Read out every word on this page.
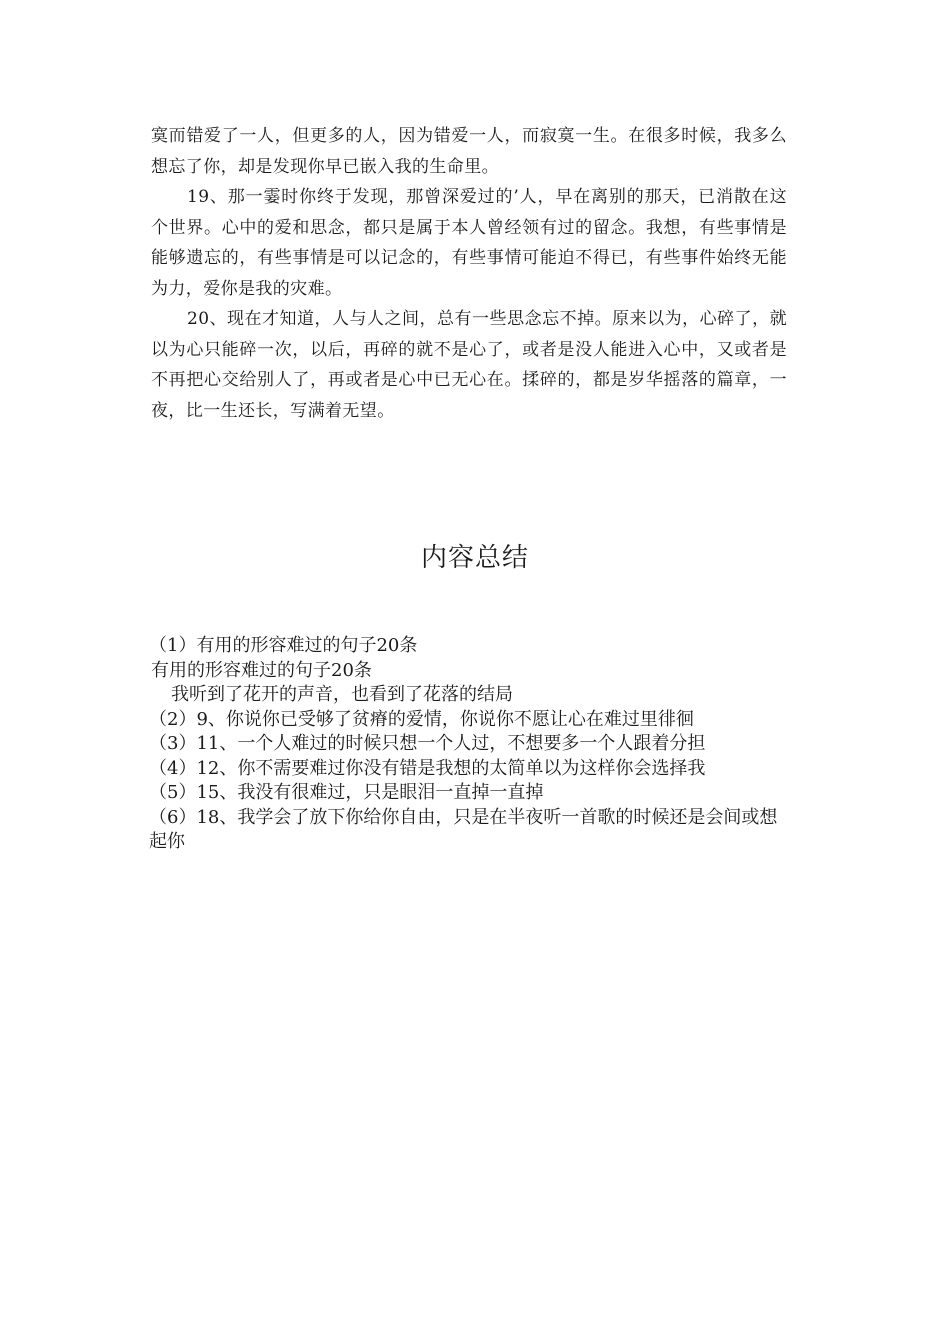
寞而错爱了一人，但更多的人，因为错爱一人，而寂寞一生。在很多时候，我多么想忘了你，却是发现你早已嵌入我的生命里。

19、那一霎时你终于发现，那曾深爱过的’人，早在离别的那天，已消散在这个世界。心中的爱和思念，都只是属于本人曾经领有过的留念。我想，有些事情是能够遗忘的，有些事情是可以记念的，有些事情可能迫不得已，有些事件始终无能为力，爱你是我的灾难。

20、现在才知道，人与人之间，总有一些思念忘不掉。原来以为，心碎了，就以为心只能碎一次，以后，再碎的就不是心了，或者是没人能进入心中，又或者是不再把心交给别人了，再或者是心中已无心在。揉碎的，都是岁华摇落的篇章，一夜，比一生还长，写满着无望。

内容总结
（1）有用的形容难过的句子20条
有用的形容难过的句子20条
我听到了花开的声音，也看到了花落的结局
（2）9、你说你已受够了贫瘠的爱情，你说你不愿让心在难过里徘徊
（3）11、一个人难过的时候只想一个人过，不想要多一个人跟着分担
（4）12、你不需要难过你没有错是我想的太简单以为这样你会选择我
（5）15、我没有很难过，只是眼泪一直掉一直掉
（6）18、我学会了放下你给你自由，只是在半夜听一首歌的时候还是会间或想起你
